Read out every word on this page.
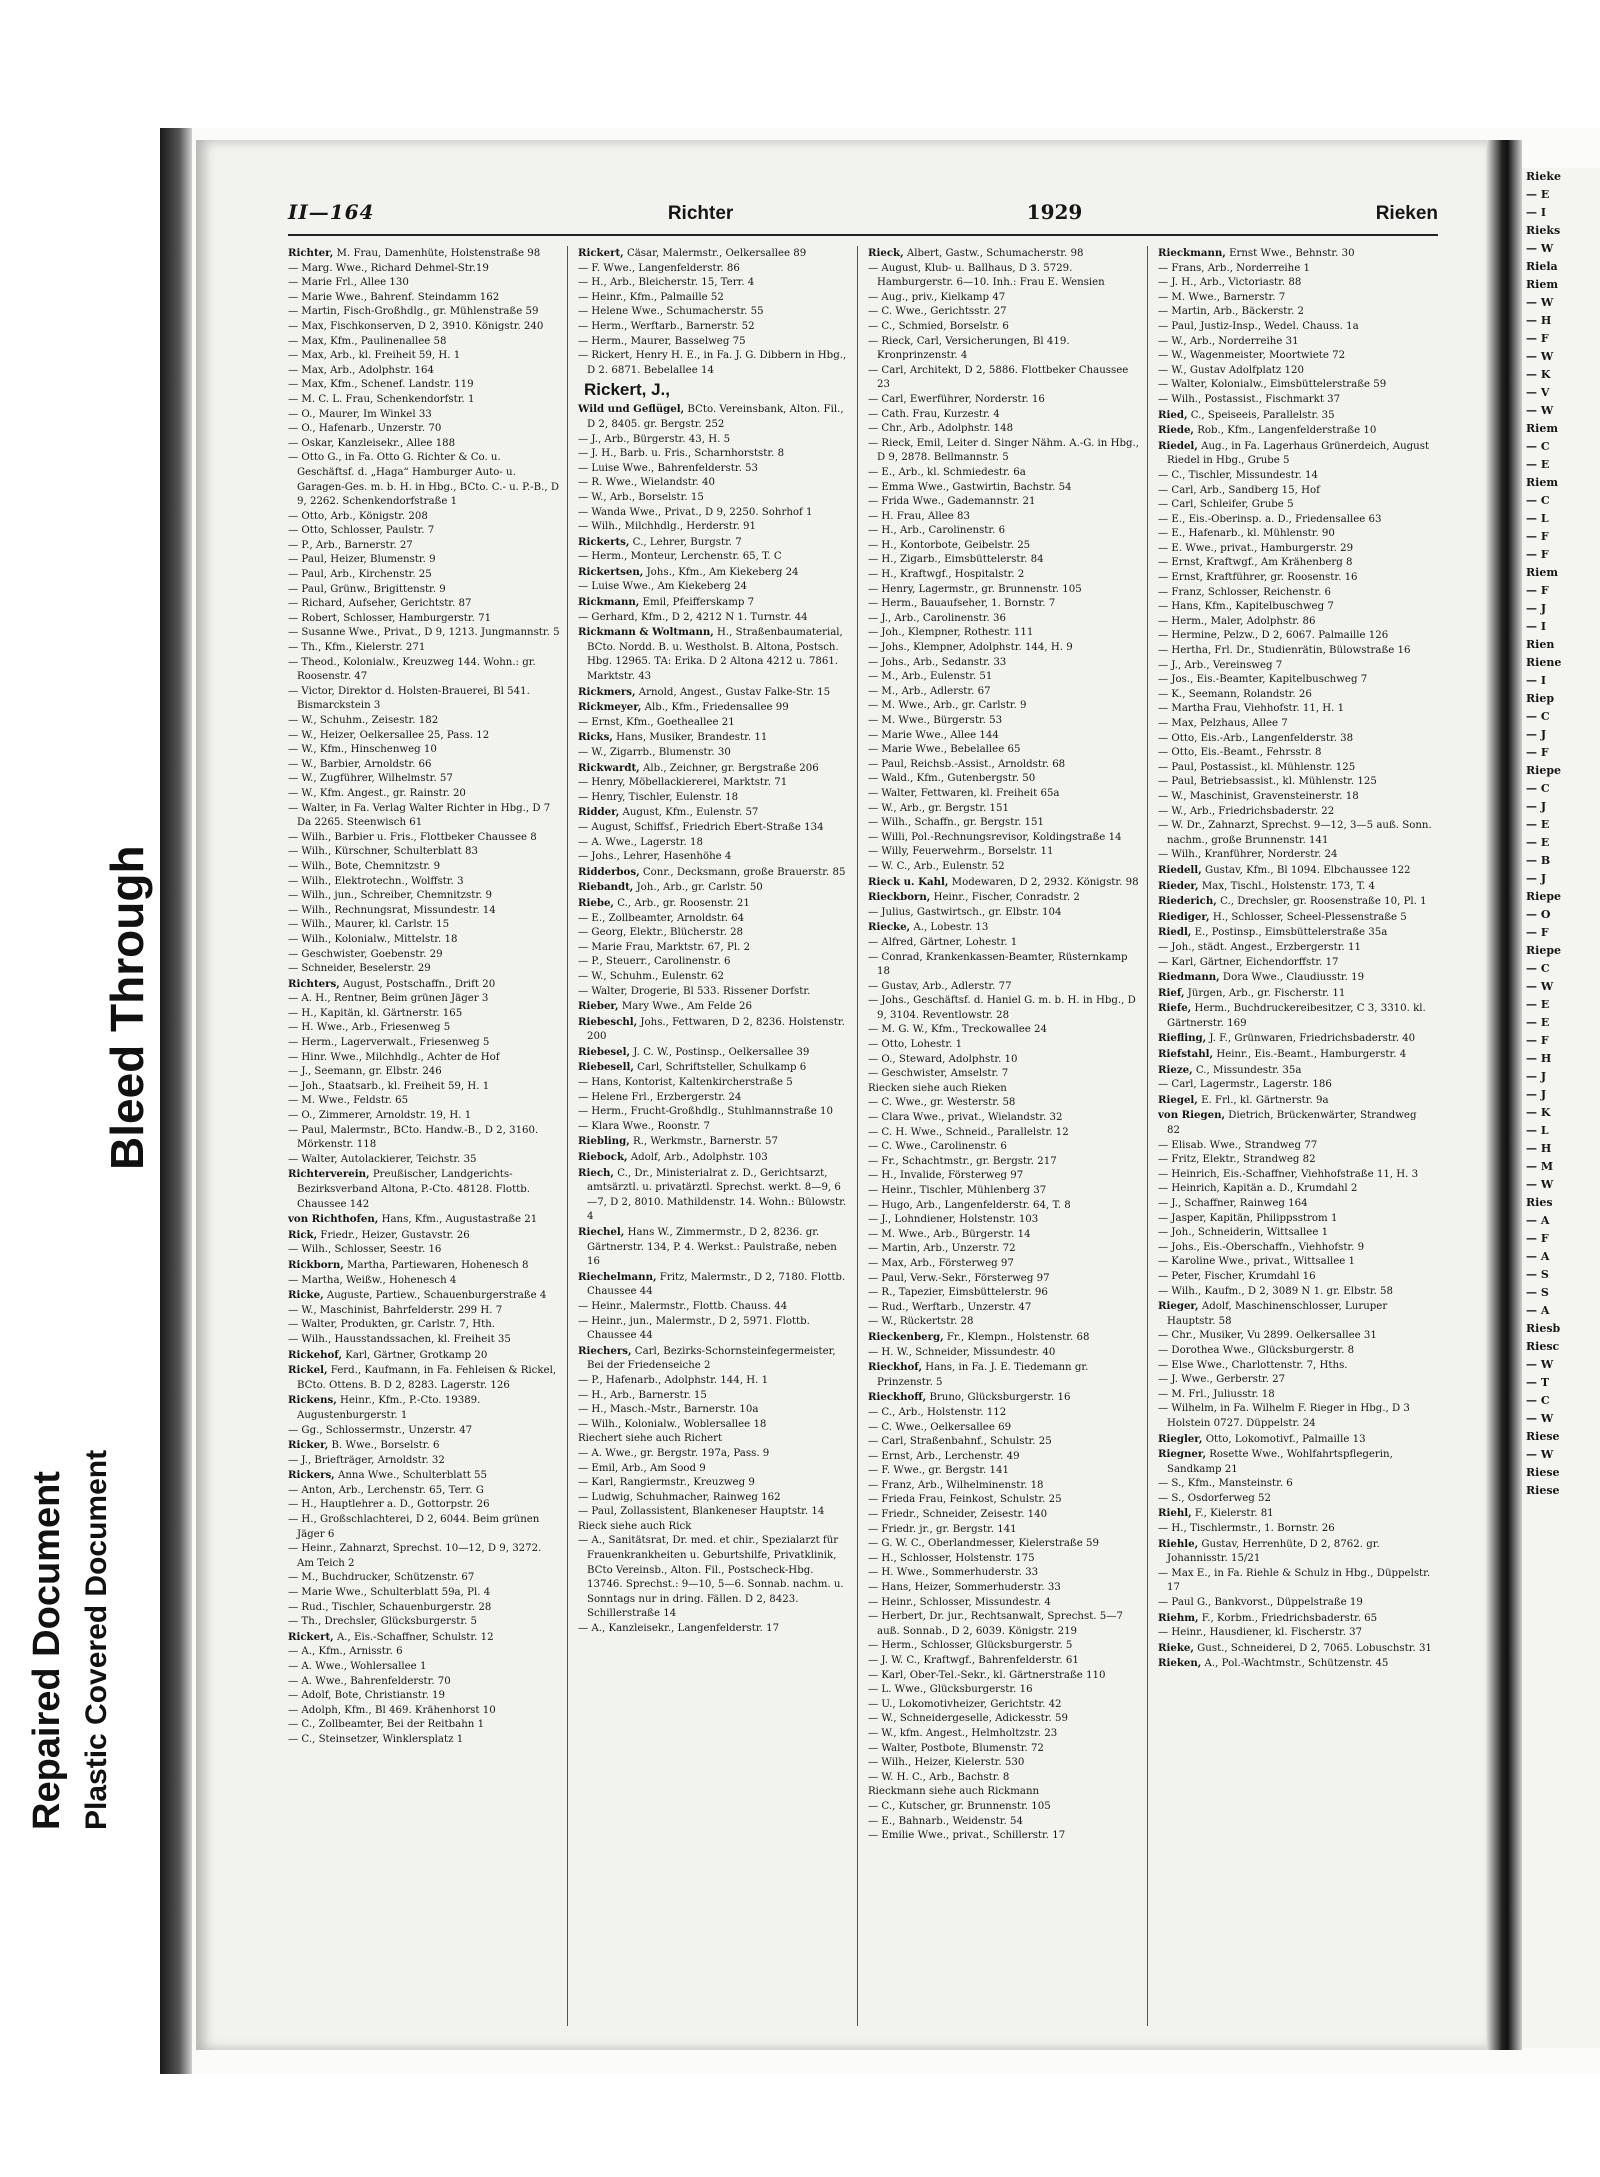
Repaired Document Plastic Covered Document
Bleed Through
Rieke
— E
— I
Rieks
— W
Riela
Riem
— W
— H
— F
— W
— K
— V
— W
Riem
— C
— E
Riem
— C
— L
— F
— F
Riem
— F
— J
— I
Rien
Riene
— I
Riep
— C
— J
— F
Riepe
— C
— J
— E
— E
— B
— J
Riepe
— O
— F
Riepe
— C
— W
— E
— E
— F
— H
— J
— J
— K
— L
— H
— M
— W
Ries
— A
— F
— A
— S
— S
— A
Riesb
Riesc
— W
— T
— C
— W
Riese
— W
Riese
Riese
II—164	Richter	1929	Rieken

Richter, M. Frau, Damenhüte, Holstenstraße 98

— Marg. Wwe., Richard Dehmel-Str.19

— Marie Frl., Allee 130

— Marie Wwe., Bahrenf. Steindamm 162

— Martin, Fisch-Großhdlg., gr. Mühlenstraße 59

— Max, Fischkonserven, D 2, 3910. Königstr. 240

— Max, Kfm., Paulinenallee 58

— Max, Arb., kl. Freiheit 59, H. 1

— Max, Arb., Adolphstr. 164

— Max, Kfm., Schenef. Landstr. 119

— M. C. L. Frau, Schenkendorfstr. 1

— O., Maurer, Im Winkel 33

— O., Hafenarb., Unzerstr. 70

— Oskar, Kanzleisekr., Allee 188

— Otto G., in Fa. Otto G. Richter & Co. u. Geschäftsf. d. „Haga“ Hamburger Auto- u. Garagen-Ges. m. b. H. in Hbg., BCto. C.- u. P.-B., D 9, 2262. Schenkendorfstraße 1

— Otto, Arb., Königstr. 208

— Otto, Schlosser, Paulstr. 7

— P., Arb., Barnerstr. 27

— Paul, Heizer, Blumenstr. 9

— Paul, Arb., Kirchenstr. 25

— Paul, Grünw., Brigittenstr. 9

— Richard, Aufseher, Gerichtstr. 87

— Robert, Schlosser, Hamburgerstr. 71

— Susanne Wwe., Privat., D 9, 1213. Jungmannstr. 5

— Th., Kfm., Kielerstr. 271

— Theod., Kolonialw., Kreuzweg 144. Wohn.: gr. Roosenstr. 47

— Victor, Direktor d. Holsten-Brauerei, Bl 541. Bismarckstein 3

— W., Schuhm., Zeisestr. 182

— W., Heizer, Oelkersallee 25, Pass. 12

— W., Kfm., Hinschenweg 10

— W., Barbier, Arnoldstr. 66

— W., Zugführer, Wilhelmstr. 57

— W., Kfm. Angest., gr. Rainstr. 20

— Walter, in Fa. Verlag Walter Richter in Hbg., D 7 Da 2265. Steenwisch 61

— Wilh., Barbier u. Fris., Flottbeker Chaussee 8

— Wilh., Kürschner, Schulterblatt 83

— Wilh., Bote, Chemnitzstr. 9

— Wilh., Elektrotechn., Wolffstr. 3

— Wilh., jun., Schreiber, Chemnitzstr. 9

— Wilh., Rechnungsrat, Missundestr. 14

— Wilh., Maurer, kl. Carlstr. 15

— Wilh., Kolonialw., Mittelstr. 18

— Geschwister, Goebenstr. 29

— Schneider, Beselerstr. 29

Richters, August, Postschaffn., Drift 20

— A. H., Rentner, Beim grünen Jäger 3

— H., Kapitän, kl. Gärtnerstr. 165

— H. Wwe., Arb., Friesenweg 5

— Herm., Lagerverwalt., Friesenweg 5

— Hinr. Wwe., Milchhdlg., Achter de Hof

— J., Seemann, gr. Elbstr. 246

— Joh., Staatsarb., kl. Freiheit 59, H. 1

— M. Wwe., Feldstr. 65

— O., Zimmerer, Arnoldstr. 19, H. 1

— Paul, Malermstr., BCto. Handw.-B., D 2, 3160. Mörkenstr. 118

— Walter, Autolackierer, Teichstr. 35

Richterverein, Preußischer, Landgerichts-Bezirksverband Altona, P.-Cto. 48128. Flottb. Chaussee 142

von Richthofen, Hans, Kfm., Augustastraße 21

Rick, Friedr., Heizer, Gustavstr. 26

— Wilh., Schlosser, Seestr. 16

Rickborn, Martha, Partiewaren, Hohenesch 8

— Martha, Weißw., Hohenesch 4

Ricke, Auguste, Partiew., Schauenburgerstraße 4

— W., Maschinist, Bahrfelderstr. 299 H. 7

— Walter, Produkten, gr. Carlstr. 7, Hth.

— Wilh., Hausstandssachen, kl. Freiheit 35

Rickehof, Karl, Gärtner, Grotkamp 20

Rickel, Ferd., Kaufmann, in Fa. Fehleisen & Rickel, BCto. Ottens. B. D 2, 8283. Lagerstr. 126

Rickens, Heinr., Kfm., P.-Cto. 19389. Augustenburgerstr. 1

— Gg., Schlossermstr., Unzerstr. 47

Ricker, B. Wwe., Borselstr. 6

— J., Briefträger, Arnoldstr. 32

Rickers, Anna Wwe., Schulterblatt 55

— Anton, Arb., Lerchenstr. 65, Terr. G

— H., Hauptlehrer a. D., Gottorpstr. 26

— H., Großschlachterei, D 2, 6044. Beim grünen Jäger 6

— Heinr., Zahnarzt, Sprechst. 10—12, D 9, 3272. Am Teich 2

— M., Buchdrucker, Schützenstr. 67

— Marie Wwe., Schulterblatt 59a, Pl. 4

— Rud., Tischler, Schauenburgerstr. 28

— Th., Drechsler, Glücksburgerstr. 5

Rickert, A., Eis.-Schaffner, Schulstr. 12

— A., Kfm., Arnisstr. 6

— A. Wwe., Wohlersallee 1

— A. Wwe., Bahrenfelderstr. 70

— Adolf, Bote, Christianstr. 19

— Adolph, Kfm., Bl 469. Krähenhorst 10

— C., Zollbeamter, Bei der Reitbahn 1

— C., Steinsetzer, Winklersplatz 1

Rickert, Cäsar, Malermstr., Oelkersallee 89

— F. Wwe., Langenfelderstr. 86

— H., Arb., Bleicherstr. 15, Terr. 4

— Heinr., Kfm., Palmaille 52

— Helene Wwe., Schumacherstr. 55

— Herm., Werftarb., Barnerstr. 52

— Herm., Maurer, Basselweg 75

— Rickert, Henry H. E., in Fa. J. G. Dibbern in Hbg., D 2. 6871. Bebelallee 14

Rickert, J.,

Wild und Geflügel, BCto. Vereinsbank, Alton. Fil., D 2, 8405. gr. Bergstr. 252

— J., Arb., Bürgerstr. 43, H. 5

— J. H., Barb. u. Fris., Scharnhorststr. 8

— Luise Wwe., Bahrenfelderstr. 53

— R. Wwe., Wielandstr. 40

— W., Arb., Borselstr. 15

— Wanda Wwe., Privat., D 9, 2250. Sohrhof 1

— Wilh., Milchhdlg., Herderstr. 91

Rickerts, C., Lehrer, Burgstr. 7

— Herm., Monteur, Lerchenstr. 65, T. C

Rickertsen, Johs., Kfm., Am Kiekeberg 24

— Luise Wwe., Am Kiekeberg 24

Rickmann, Emil, Pfeifferskamp 7

— Gerhard, Kfm., D 2, 4212 N 1. Turnstr. 44

Rickmann & Woltmann, H., Straßenbaumaterial, BCto. Nordd. B. u. Westholst. B. Altona, Postsch. Hbg. 12965. TA: Erika. D 2 Altona 4212 u. 7861. Marktstr. 43

Rickmers, Arnold, Angest., Gustav Falke-Str. 15

Rickmeyer, Alb., Kfm., Friedensallee 99

— Ernst, Kfm., Goetheallee 21

Ricks, Hans, Musiker, Brandestr. 11

— W., Zigarrb., Blumenstr. 30

Rickwardt, Alb., Zeichner, gr. Bergstraße 206

— Henry, Möbellackiererei, Marktstr. 71

— Henry, Tischler, Eulenstr. 18

Ridder, August, Kfm., Eulenstr. 57

— August, Schiffsf., Friedrich Ebert-Straße 134

— A. Wwe., Lagerstr. 18

— Johs., Lehrer, Hasenhöhe 4

Ridderbos, Conr., Decksmann, große Brauerstr. 85

Riebandt, Joh., Arb., gr. Carlstr. 50

Riebe, C., Arb., gr. Roosenstr. 21

— E., Zollbeamter, Arnoldstr. 64

— Georg, Elektr., Blücherstr. 28

— Marie Frau, Marktstr. 67, Pl. 2

— P., Steuerr., Carolinenstr. 6

— W., Schuhm., Eulenstr. 62

— Walter, Drogerie, Bl 533. Rissener Dorfstr.

Rieber, Mary Wwe., Am Felde 26

Riebeschl, Johs., Fettwaren, D 2, 8236. Holstenstr. 200

Riebesel, J. C. W., Postinsp., Oelkersallee 39

Riebesell, Carl, Schriftsteller, Schulkamp 6

— Hans, Kontorist, Kaltenkircherstraße 5

— Helene Frl., Erzbergerstr. 24

— Herm., Frucht-Großhdlg., Stuhlmannstraße 10

— Klara Wwe., Roonstr. 7

Riebling, R., Werkmstr., Barnerstr. 57

Riebock, Adolf, Arb., Adolphstr. 103

Riech, C., Dr., Ministerialrat z. D., Gerichtsarzt, amtsärztl. u. privatärztl. Sprechst. werkt. 8—9, 6—7, D 2, 8010. Mathildenstr. 14. Wohn.: Bülowstr. 4

Riechel, Hans W., Zimmermstr., D 2, 8236. gr. Gärtnerstr. 134, P. 4. Werkst.: Paulstraße, neben 16

Riechelmann, Fritz, Malermstr., D 2, 7180. Flottb. Chaussee 44

— Heinr., Malermstr., Flottb. Chauss. 44

— Heinr., jun., Malermstr., D 2, 5971. Flottb. Chaussee 44

Riechers, Carl, Bezirks-Schornsteinfegermeister, Bei der Friedenseiche 2

— P., Hafenarb., Adolphstr. 144, H. 1

— H., Arb., Barnerstr. 15

— H., Masch.-Mstr., Barnerstr. 10a

— Wilh., Kolonialw., Woblersallee 18

Riechert siehe auch Richert

— A. Wwe., gr. Bergstr. 197a, Pass. 9

— Emil, Arb., Am Sood 9

— Karl, Rangiermstr., Kreuzweg 9

— Ludwig, Schuhmacher, Rainweg 162

— Paul, Zollassistent, Blankeneser Hauptstr. 14

Rieck siehe auch Rick

— A., Sanitätsrat, Dr. med. et chir., Spezialarzt für Frauenkrankheiten u. Geburtshilfe, Privatklinik, BCto Vereinsb., Alton. Fil., Postscheck-Hbg. 13746. Sprechst.: 9—10, 5—6. Sonnab. nachm. u. Sonntags nur in dring. Fällen. D 2, 8423. Schillerstraße 14

— A., Kanzleisekr., Langenfelderstr. 17

Rieck, Albert, Gastw., Schumacherstr. 98

— August, Klub- u. Ballhaus, D 3. 5729. Hamburgerstr. 6—10. Inh.: Frau E. Wensien

— Aug., priv., Kielkamp 47

— C. Wwe., Gerichtsstr. 27

— C., Schmied, Borselstr. 6

— Rieck, Carl, Versicherungen, Bl 419. Kronprinzenstr. 4

— Carl, Architekt, D 2, 5886. Flottbeker Chaussee 23

— Carl, Ewerführer, Norderstr. 16

— Cath. Frau, Kurzestr. 4

— Chr., Arb., Adolphstr. 148

— Rieck, Emil, Leiter d. Singer Nähm. A.-G. in Hbg., D 9, 2878. Bellmannstr. 5

— E., Arb., kl. Schmiedestr. 6a

— Emma Wwe., Gastwirtin, Bachstr. 54

— Frida Wwe., Gademannstr. 21

— H. Frau, Allee 83

— H., Arb., Carolinenstr. 6

— H., Kontorbote, Geibelstr. 25

— H., Zigarb., Eimsbüttelerstr. 84

— H., Kraftwgf., Hospitalstr. 2

— Henry, Lagermstr., gr. Brunnenstr. 105

— Herm., Bauaufseher, 1. Bornstr. 7

— J., Arb., Carolinenstr. 36

— Joh., Klempner, Rothestr. 111

— Johs., Klempner, Adolphstr. 144, H. 9

— Johs., Arb., Sedanstr. 33

— M., Arb., Eulenstr. 51

— M., Arb., Adlerstr. 67

— M. Wwe., Arb., gr. Carlstr. 9

— M. Wwe., Bürgerstr. 53

— Marie Wwe., Allee 144

— Marie Wwe., Bebelallee 65

— Paul, Reichsb.-Assist., Arnoldstr. 68

— Wald., Kfm., Gutenbergstr. 50

— Walter, Fettwaren, kl. Freiheit 65a

— W., Arb., gr. Bergstr. 151

— Wilh., Schaffn., gr. Bergstr. 151

— Willi, Pol.-Rechnungsrevisor, Koldingstraße 14

— Willy, Feuerwehrm., Borselstr. 11

— W. C., Arb., Eulenstr. 52

Rieck u. Kahl, Modewaren, D 2, 2932. Königstr. 98

Rieckborn, Heinr., Fischer, Conradstr. 2

— Julius, Gastwirtsch., gr. Elbstr. 104

Riecke, A., Lobestr. 13

— Alfred, Gärtner, Lohestr. 1

— Conrad, Krankenkassen-Beamter, Rüsternkamp 18

— Gustav, Arb., Adlerstr. 77

— Johs., Geschäftsf. d. Haniel G. m. b. H. in Hbg., D 9, 3104. Reventlowstr. 28

— M. G. W., Kfm., Treckowallee 24

— Otto, Lohestr. 1

— O., Steward, Adolphstr. 10

— Geschwister, Amselstr. 7

Riecken siehe auch Rieken

— C. Wwe., gr. Westerstr. 58

— Clara Wwe., privat., Wielandstr. 32

— C. H. Wwe., Schneid., Parallelstr. 12

— C. Wwe., Carolinenstr. 6

— Fr., Schachtmstr., gr. Bergstr. 217

— H., Invalide, Försterweg 97

— Heinr., Tischler, Mühlenberg 37

— Hugo, Arb., Langenfelderstr. 64, T. 8

— J., Lohndiener, Holstenstr. 103

— M. Wwe., Arb., Bürgerstr. 14

— Martin, Arb., Unzerstr. 72

— Max, Arb., Försterweg 97

— Paul, Verw.-Sekr., Försterweg 97

— R., Tapezier, Eimsbüttelerstr. 96

— Rud., Werftarb., Unzerstr. 47

— W., Rückertstr. 28

Rieckenberg, Fr., Klempn., Holstenstr. 68

— H. W., Schneider, Missundestr. 40

Rieckhof, Hans, in Fa. J. E. Tiedemann gr. Prinzenstr. 5

Rieckhoff, Bruno, Glücksburgerstr. 16

— C., Arb., Holstenstr. 112

— C. Wwe., Oelkersallee 69

— Carl, Straßenbahnf., Schulstr. 25

— Ernst, Arb., Lerchenstr. 49

— F. Wwe., gr. Bergstr. 141

— Franz, Arb., Wilhelminenstr. 18

— Frieda Frau, Feinkost, Schulstr. 25

— Friedr., Schneider, Zeisestr. 140

— Friedr. jr., gr. Bergstr. 141

— G. W. C., Oberlandmesser, Kielerstraße 59

— H., Schlosser, Holstenstr. 175

— H. Wwe., Sommerhuderstr. 33

— Hans, Heizer, Sommerhuderstr. 33

— Heinr., Schlosser, Missundestr. 4

— Herbert, Dr. jur., Rechtsanwalt, Sprechst. 5—7 auß. Sonnab., D 2, 6039. Königstr. 219

— Herm., Schlosser, Glücksburgerstr. 5

— J. W. C., Kraftwgf., Bahrenfelderstr. 61

— Karl, Ober-Tel.-Sekr., kl. Gärtnerstraße 110

— L. Wwe., Glücksburgerstr. 16

— U., Lokomotivheizer, Gerichtstr. 42

— W., Schneidergeselle, Adickesstr. 59

— W., kfm. Angest., Helmholtzstr. 23

— Walter, Postbote, Blumenstr. 72

— Wilh., Heizer, Kielerstr. 530

— W. H. C., Arb., Bachstr. 8

Rieckmann siehe auch Rickmann

— C., Kutscher, gr. Brunnenstr. 105

— E., Bahnarb., Weidenstr. 54

— Emilie Wwe., privat., Schillerstr. 17

Rieckmann, Ernst Wwe., Behnstr. 30

— Frans, Arb., Norderreihe 1

— J. H., Arb., Victoriastr. 88

— M. Wwe., Barnerstr. 7

— Martin, Arb., Bäckerstr. 2

— Paul, Justiz-Insp., Wedel. Chauss. 1a

— W., Arb., Norderreihe 31

— W., Wagenmeister, Moortwiete 72

— W., Gustav Adolfplatz 120

— Walter, Kolonialw., Eimsbüttelerstraße 59

— Wilh., Postassist., Fischmarkt 37

Ried, C., Speiseeis, Parallelstr. 35

Riede, Rob., Kfm., Langenfelderstraße 10

Riedel, Aug., in Fa. Lagerhaus Grünerdeich, August Riedel in Hbg., Grube 5

— C., Tischler, Missundestr. 14

— Carl, Arb., Sandberg 15, Hof

— Carl, Schleifer, Grube 5

— E., Eis.-Oberinsp. a. D., Friedensallee 63

— E., Hafenarb., kl. Mühlenstr. 90

— E. Wwe., privat., Hamburgerstr. 29

— Ernst, Kraftwgf., Am Krähenberg 8

— Ernst, Kraftführer, gr. Roosenstr. 16

— Franz, Schlosser, Reichenstr. 6

— Hans, Kfm., Kapitelbuschweg 7

— Herm., Maler, Adolphstr. 86

— Hermine, Pelzw., D 2, 6067. Palmaille 126

— Hertha, Frl. Dr., Studienrätin, Bülowstraße 16

— J., Arb., Vereinsweg 7

— Jos., Eis.-Beamter, Kapitelbuschweg 7

— K., Seemann, Rolandstr. 26

— Martha Frau, Viehhofstr. 11, H. 1

— Max, Pelzhaus, Allee 7

— Otto, Eis.-Arb., Langenfelderstr. 38

— Otto, Eis.-Beamt., Fehrsstr. 8

— Paul, Postassist., kl. Mühlenstr. 125

— Paul, Betriebsassist., kl. Mühlenstr. 125

— W., Maschinist, Gravensteinerstr. 18

— W., Arb., Friedrichsbaderstr. 22

— W. Dr., Zahnarzt, Sprechst. 9—12, 3—5 auß. Sonn. nachm., große Brunnenstr. 141

— Wilh., Kranführer, Norderstr. 24

Riedell, Gustav, Kfm., Bl 1094. Elbchaussee 122

Rieder, Max, Tischl., Holstenstr. 173, T. 4

Riederich, C., Drechsler, gr. Roosenstraße 10, Pl. 1

Riediger, H., Schlosser, Scheel-Plessenstraße 5

Riedl, E., Postinsp., Eimsbüttelerstraße 35a

— Joh., städt. Angest., Erzbergerstr. 11

— Karl, Gärtner, Eichendorffstr. 17

Riedmann, Dora Wwe., Claudiusstr. 19

Rief, Jürgen, Arb., gr. Fischerstr. 11

Riefe, Herm., Buchdruckereibesitzer, C 3, 3310. kl. Gärtnerstr. 169

Riefling, J. F., Grünwaren, Friedrichsbaderstr. 40

Riefstahl, Heinr., Eis.-Beamt., Hamburgerstr. 4

Rieze, C., Missundestr. 35a

— Carl, Lagermstr., Lagerstr. 186

Riegel, E. Frl., kl. Gärtnerstr. 9a

von Riegen, Dietrich, Brückenwärter, Strandweg 82

— Elisab. Wwe., Strandweg 77

— Fritz, Elektr., Strandweg 82

— Heinrich, Eis.-Schaffner, Viehhofstraße 11, H. 3

— Heinrich, Kapitän a. D., Krumdahl 2

— J., Schaffner, Rainweg 164

— Jasper, Kapitän, Philippsstrom 1

— Joh., Schneiderin, Wittsallee 1

— Johs., Eis.-Oberschaffn., Viehhofstr. 9

— Karoline Wwe., privat., Wittsallee 1

— Peter, Fischer, Krumdahl 16

— Wilh., Kaufm., D 2, 3089 N 1. gr. Elbstr. 58

Rieger, Adolf, Maschinenschlosser, Luruper Hauptstr. 58

— Chr., Musiker, Vu 2899. Oelkersallee 31

— Dorothea Wwe., Glücksburgerstr. 8

— Else Wwe., Charlottenstr. 7, Hths.

— J. Wwe., Gerberstr. 27

— M. Frl., Juliusstr. 18

— Wilhelm, in Fa. Wilhelm F. Rieger in Hbg., D 3 Holstein 0727. Düppelstr. 24

Riegler, Otto, Lokomotivf., Palmaille 13

Riegner, Rosette Wwe., Wohlfahrtspflegerin, Sandkamp 21

— S., Kfm., Mansteinstr. 6

— S., Osdorferweg 52

Riehl, F., Kielerstr. 81

— H., Tischlermstr., 1. Bornstr. 26

Riehle, Gustav, Herrenhüte, D 2, 8762. gr. Johannisstr. 15/21

— Max E., in Fa. Riehle & Schulz in Hbg., Düppelstr. 17

— Paul G., Bankvorst., Düppelstraße 19

Riehm, F., Korbm., Friedrichsbaderstr. 65

— Heinr., Hausdiener, kl. Fischerstr. 37

Rieke, Gust., Schneiderei, D 2, 7065. Lobuschstr. 31

Rieken, A., Pol.-Wachtmstr., Schützenstr. 45
